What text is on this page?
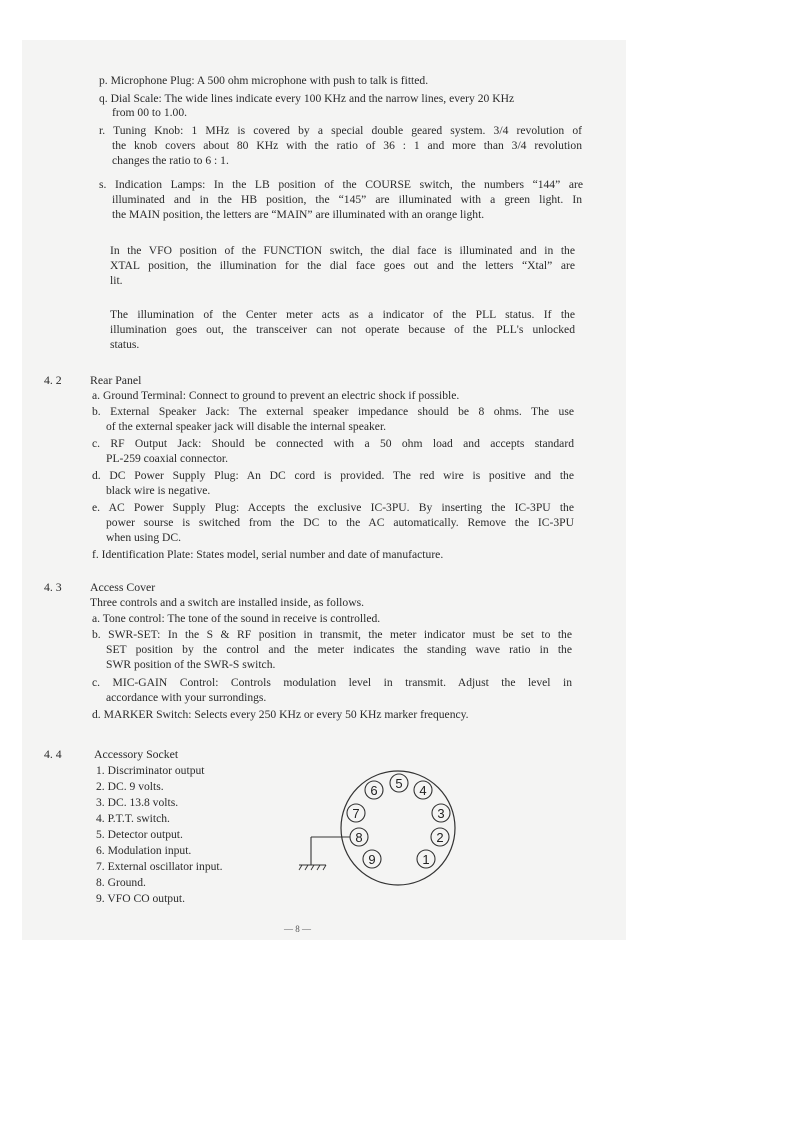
p. Microphone Plug: A 500 ohm microphone with push to talk is fitted.
q. Dial Scale: The wide lines indicate every 100 KHz and the narrow lines, every 20 KHz
from 00 to 1.00.
r. Tuning Knob: 1 MHz is covered by a special double geared system. 3/4 revolution of
the knob covers about 80 KHz with the ratio of 36 : 1 and more than 3/4 revolution
changes the ratio to 6 : 1.
s. Indication Lamps: In the LB position of the COURSE switch, the numbers “144” are
illuminated and in the HB position, the “145” are illuminated with a green light. In
the MAIN position, the letters are “MAIN” are illuminated with an orange light.
In the VFO position of the FUNCTION switch, the dial face is illuminated and in the
XTAL position, the illumination for the dial face goes out and the letters “Xtal” are
lit.
The illumination of the Center meter acts as a indicator of the PLL status. If the
illumination goes out, the transceiver can not operate because of the PLL's unlocked
status.
4. 2 Rear Panel
a. Ground Terminal: Connect to ground to prevent an electric shock if possible.
b. External Speaker Jack: The external speaker impedance should be 8 ohms. The use
of the external speaker jack will disable the internal speaker.
c. RF Output Jack: Should be connected with a 50 ohm load and accepts standard
PL-259 coaxial connector.
d. DC Power Supply Plug: An DC cord is provided. The red wire is positive and the
black wire is negative.
e. AC Power Supply Plug: Accepts the exclusive IC-3PU. By inserting the IC-3PU the
power sourse is switched from the DC to the AC automatically. Remove the IC-3PU
when using DC.
f. Identification Plate: States model, serial number and date of manufacture.
4. 3 Access Cover
Three controls and a switch are installed inside, as follows.
a. Tone control: The tone of the sound in receive is controlled.
b. SWR-SET: In the S & RF position in transmit, the meter indicator must be set to the
SET position by the control and the meter indicates the standing wave ratio in the
SWR position of the SWR-S switch.
c. MIC-GAIN Control: Controls modulation level in transmit. Adjust the level in
accordance with your surrondings.
d. MARKER Switch: Selects every 250 KHz or every 50 KHz marker frequency.
4. 4	Accessory Socket
1. Discriminator output
2. DC. 9 volts.
3. DC. 13.8 volts.
4. P.T.T. switch.
5. Detector output.
6. Modulation input.
7. External oscillator input.
8. Ground.
9. VFO CO output.
6 5 4
7	3
8	2
9	1
— 8 —
